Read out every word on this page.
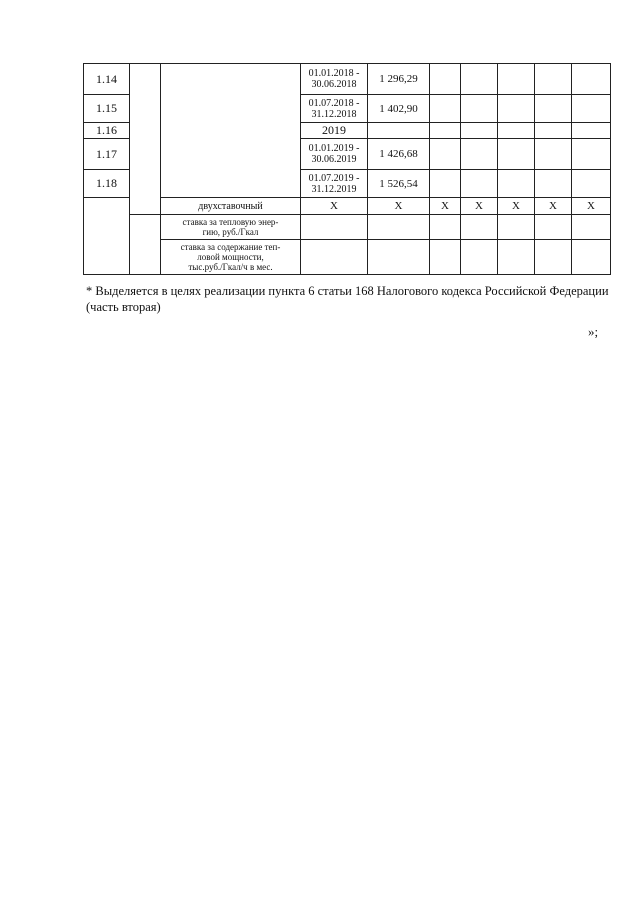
1.14			01.01.2018 -
30.06.2018	1 296,29					
1.15			01.07.2018 -
31.12.2018	1 402,90					
1.16			2019						
1.17			01.01.2019 -
30.06.2019	1 426,68					
1.18			01.07.2019 -
31.12.2019	1 526,54					
		двухставочный	X	X	X	X	X	X	X

		ставка за тепловую энер-
гию, руб./Гкал							

		ставка за содержание теп-
ловой мощности,
тыс.руб./Гкал/ч в мес.							

* Выделяется в целях реализации пункта 6 статьи 168 Налогового кодекса Российской Федерации (часть вторая)

»;
